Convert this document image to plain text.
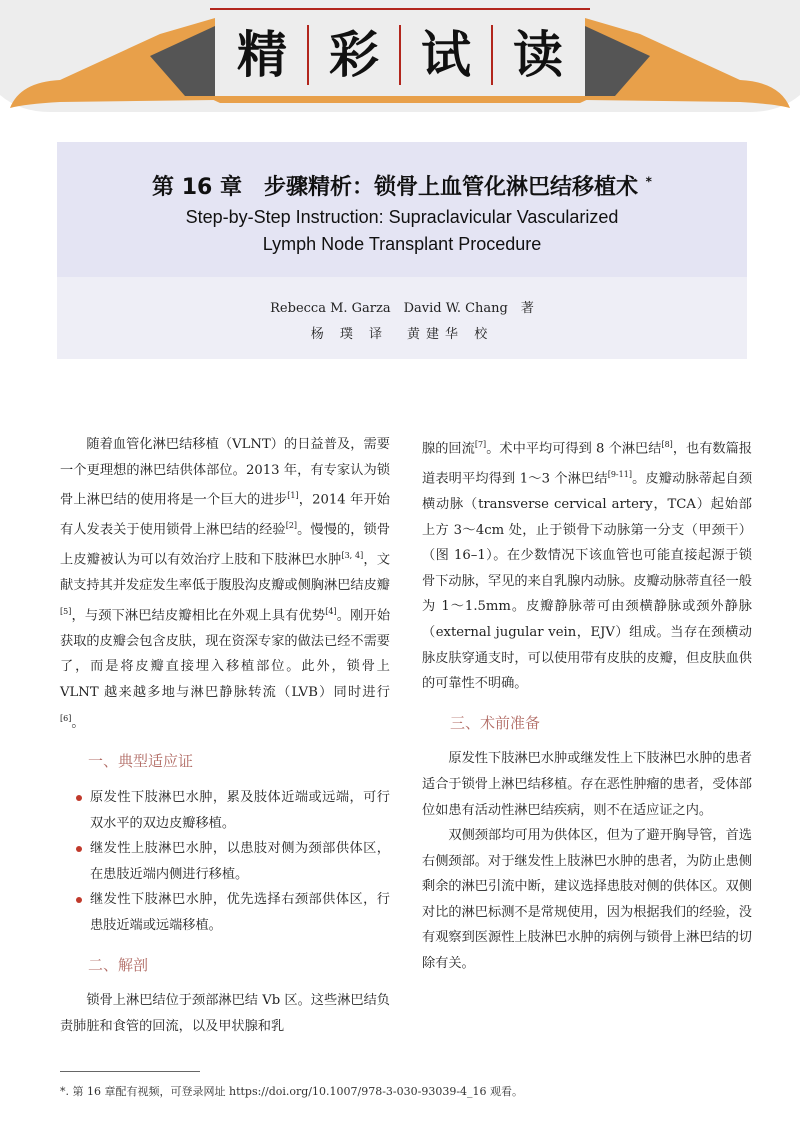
精 彩 试 读
第 16 章　步骤精析：锁骨上血管化淋巴结移植术 *
Step-by-Step Instruction: Supraclavicular Vascularized
Lymph Node Transplant Procedure
Rebecca M. Garza　David W. Chang　著
杨 璞 译　黄建华 校

随着血管化淋巴结移植（VLNT）的日益普及，需要一个更理想的淋巴结供体部位。2013 年，有专家认为锁骨上淋巴结的使用将是一个巨大的进步[1]，2014 年开始有人发表关于使用锁骨上淋巴结的经验[2]。慢慢的，锁骨上皮瓣被认为可以有效治疗上肢和下肢淋巴水肿[3, 4]，文献支持其并发症发生率低于腹股沟皮瓣或侧胸淋巴结皮瓣[5]，与颈下淋巴结皮瓣相比在外观上具有优势[4]。刚开始获取的皮瓣会包含皮肤，现在资深专家的做法已经不需要了，而是将皮瓣直接埋入移植部位。此外，锁骨上 VLNT 越来越多地与淋巴静脉转流（LVB）同时进行[6]。

一、典型适应证
原发性下肢淋巴水肿，累及肢体近端或远端，可行双水平的双边皮瓣移植。
继发性上肢淋巴水肿，以患肢对侧为颈部供体区，在患肢近端内侧进行移植。
继发性下肢淋巴水肿，优先选择右颈部供体区，行患肢近端或远端移植。
二、解剖

锁骨上淋巴结位于颈部淋巴结 Vb 区。这些淋巴结负责肺脏和食管的回流，以及甲状腺和乳

腺的回流[7]。术中平均可得到 8 个淋巴结[8]，也有数篇报道表明平均得到 1～3 个淋巴结[9-11]。皮瓣动脉蒂起自颈横动脉（transverse cervical artery，TCA）起始部上方 3～4cm 处，止于锁骨下动脉第一分支（甲颈干）（图 16–1）。在少数情况下该血管也可能直接起源于锁骨下动脉，罕见的来自乳腺内动脉。皮瓣动脉蒂直径一般为 1～1.5mm。皮瓣静脉蒂可由颈横静脉或颈外静脉（external jugular vein，EJV）组成。当存在颈横动脉皮肤穿通支时，可以使用带有皮肤的皮瓣，但皮肤血供的可靠性不明确。

三、术前准备

原发性下肢淋巴水肿或继发性上下肢淋巴水肿的患者适合于锁骨上淋巴结移植。存在恶性肿瘤的患者，受体部位如患有活动性淋巴结疾病，则不在适应证之内。

双侧颈部均可用为供体区，但为了避开胸导管，首选右侧颈部。对于继发性上肢淋巴水肿的患者，为防止患侧剩余的淋巴引流中断，建议选择患肢对侧的供体区。双侧对比的淋巴标测不是常规使用，因为根据我们的经验，没有观察到医源性上肢淋巴水肿的病例与锁骨上淋巴结的切除有关。

*. 第 16 章配有视频，可登录网址 https://doi.org/10.1007/978-3-030-93039-4_16 观看。
